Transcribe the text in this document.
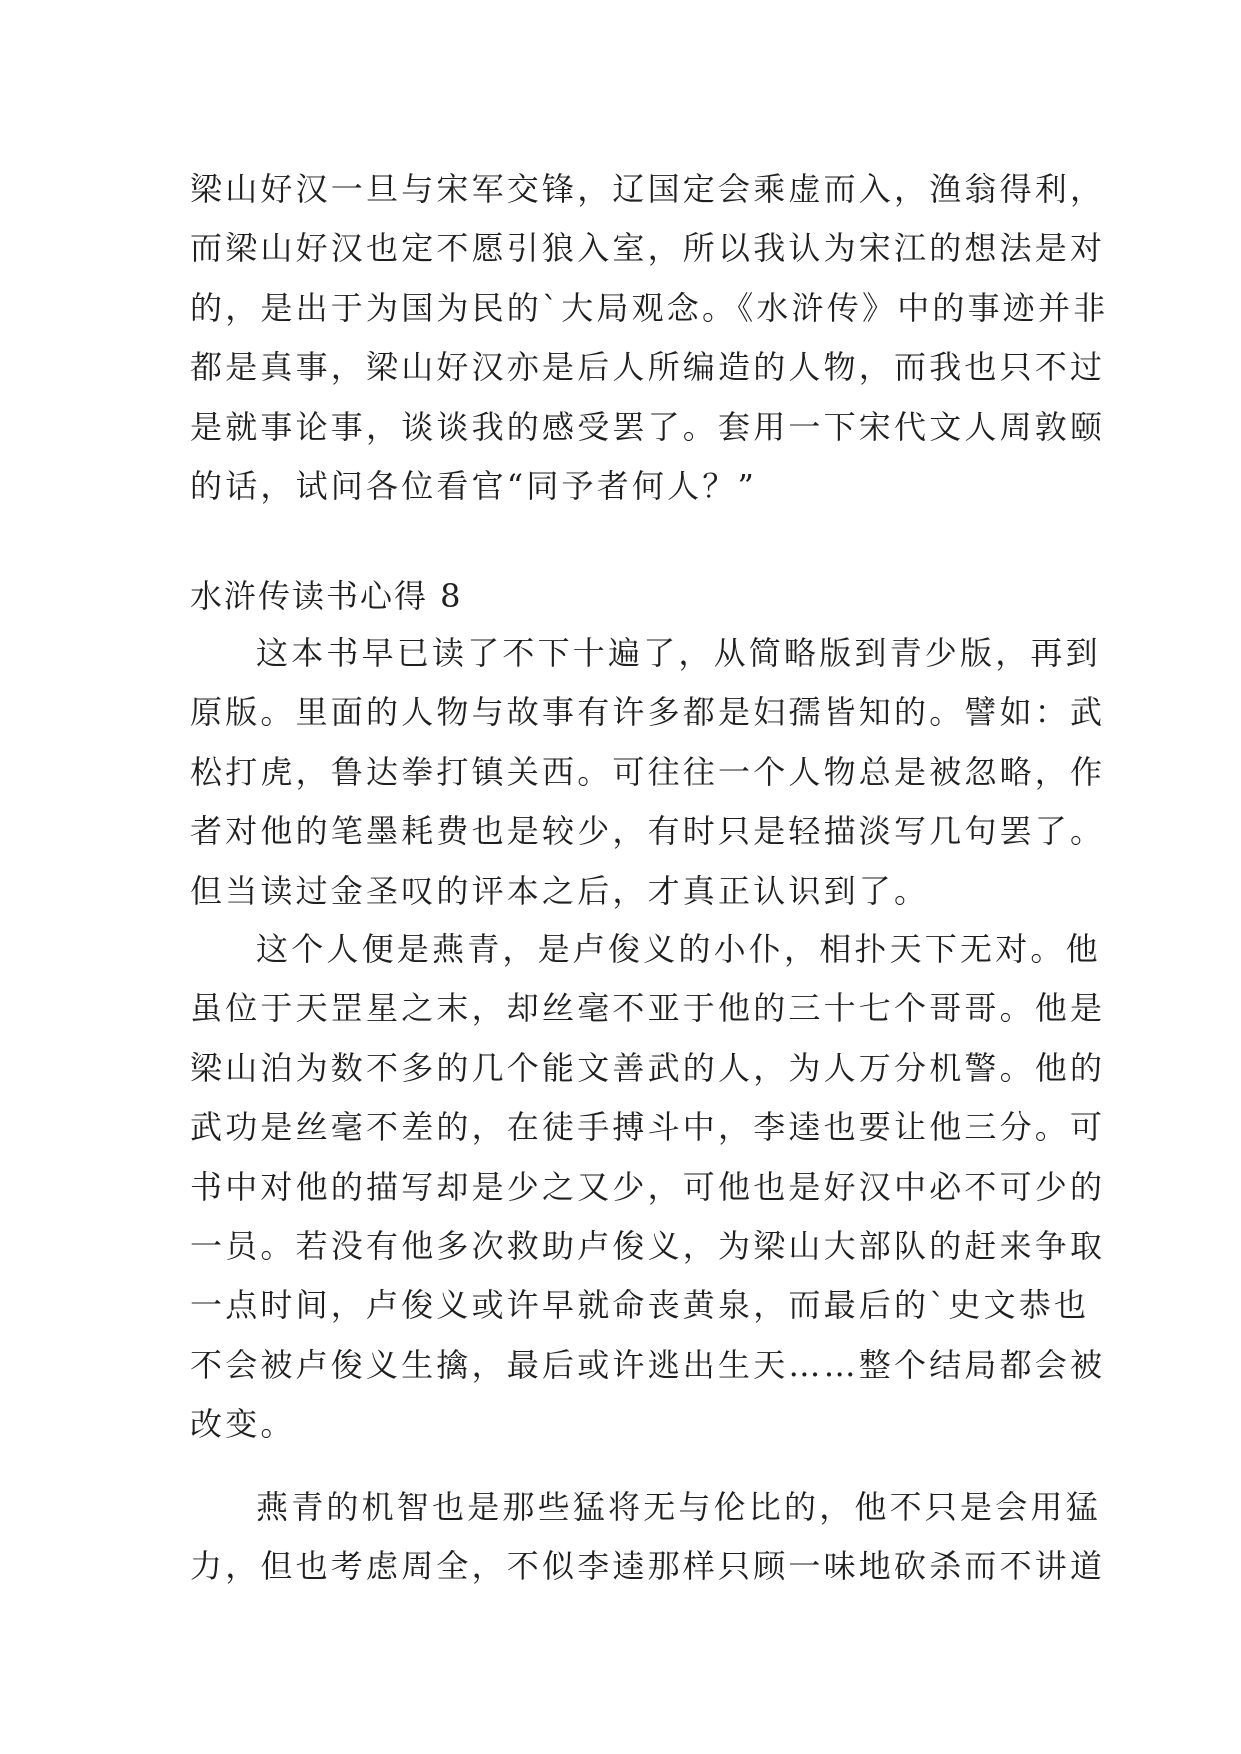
梁山好汉一旦与宋军交锋，辽国定会乘虚而入，渔翁得利，
而梁山好汉也定不愿引狼入室，所以我认为宋江的想法是对
的，是出于为国为民的`大局观念。《水浒传》中的事迹并非
都是真事，梁山好汉亦是后人所编造的人物，而我也只不过
是就事论事，谈谈我的感受罢了。套用一下宋代文人周敦颐
的话，试问各位看官“同予者何人？”
水浒传读书心得 8
这本书早已读了不下十遍了，从简略版到青少版，再到
原版。里面的人物与故事有许多都是妇孺皆知的。譬如：武
松打虎，鲁达拳打镇关西。可往往一个人物总是被忽略，作
者对他的笔墨耗费也是较少，有时只是轻描淡写几句罢了。
但当读过金圣叹的评本之后，才真正认识到了。
这个人便是燕青，是卢俊义的小仆，相扑天下无对。他
虽位于天罡星之末，却丝毫不亚于他的三十七个哥哥。他是
梁山泊为数不多的几个能文善武的人，为人万分机警。他的
武功是丝毫不差的，在徒手搏斗中，李逵也要让他三分。可
书中对他的描写却是少之又少，可他也是好汉中必不可少的
一员。若没有他多次救助卢俊义，为梁山大部队的赶来争取
一点时间，卢俊义或许早就命丧黄泉，而最后的`史文恭也
不会被卢俊义生擒，最后或许逃出生天……整个结局都会被
改变。
燕青的机智也是那些猛将无与伦比的，他不只是会用猛
力，但也考虑周全，不似李逵那样只顾一味地砍杀而不讲道
